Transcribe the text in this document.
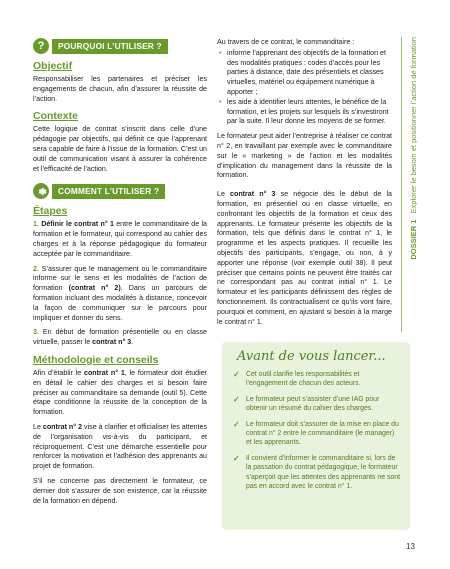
?	POURQUOI L’UTILISER ?
Objectif

Responsabiliser les partenaires et préciser les engagements de chacun, afin d’assurer la réussite de l’action.

Contexte

Cette logique de contrat s’inscrit dans celle d’une pédagogie par objectifs, qui définit ce que l’apprenant sera capable de faire à l’issue de la formation. C’est un outil de communication visant à assurer la cohérence et l’efficacité de l’action.

COMMENT L’UTILISER ?
Étapes

1. Définir le contrat n° 1 entre le commanditaire de la formation et le formateur, qui correspond au cahier des charges et à la réponse pédagogique du formateur acceptée par le commanditaire.

2. S’assurer que le management ou le commanditaire informe sur le sens et les modalités de l’action de formation (contrat n° 2). Dans un parcours de formation incluant des modalités à distance, concevoir la façon de communiquer sur le parcours pour impliquer et donner du sens.

3. En début de formation présentielle ou en classe virtuelle, passer le contrat n° 3.

Méthodologie et conseils

Afin d’établir le contrat n° 1, le formateur doit étudier en détail le cahier des charges et si besoin faire préciser au commanditaire sa demande (outil 5). Cette étape conditionne la réussite de la conception de la formation.

Le contrat n° 2 vise à clarifier et officialiser les attentes de l’organisation vis-à-vis du participant, et réciproquement. C’est une démarche essentielle pour renforcer la motivation et l’adhésion des apprenants au projet de formation.

S’il ne concerne pas directement le formateur, ce dernier doit s’assurer de son existence, car la réussite de la formation en dépend.

Au travers de ce contrat, le commanditaire :

• informe l’apprenant des objectifs de la formation et des modalités pratiques : codes d’accès pour les parties à distance, date des présentiels et classes virtuelles, matériel ou équipement numérique à apporter ;
• les aide à identifier leurs attentes, le bénéfice de la formation, et les projets sur lesquels ils s’investiront par la suite. Il leur donne les moyens de se former.

Le formateur peut aider l’entreprise à réaliser ce contrat n° 2, en travaillant par exemple avec le commanditaire sur le « marketing » de l’action et les modalités d’implication du management dans la réussite de la formation.

Le contrat n° 3 se négocie dès le début de la formation, en présentiel ou en classe virtuelle, en confrontant les objectifs de la formation et ceux des apprenants. Le formateur présente les objectifs de la formation, tels que définis dans le contrat n° 1, le programme et les aspects pratiques. Il recueille les objectifs des participants, s’engage, ou non, à y apporter une réponse (voir exemple outil 38). Il peut préciser que certains points ne peuvent être traités car ne correspondant pas au contrat initial n° 1. Le formateur et les participants définissent des règles de fonctionnement. Ils contractualisent ce qu’ils vont faire, pourquoi et comment, en ajustant si besoin à la marge le contrat n° 1.

DOSSIER 1   Explorer le besoin et positionner l’action de formation
Avant de vous lancer...
✓ Cet outil clarifie les responsabilités et l’engagement de chacun des acteurs.
✓ Le formateur peut s’assister d’une IAG pour obtenir un résumé du cahier des charges.
✓ Le formateur doit s’assurer de la mise en place du contrat n° 2 entre le commanditaire (le manager) et les apprenants.
✓ Il convient d’informer le commanditaire si, lors de la passation du contrat pédagogique, le formateur s’aperçoit que les attentes des apprenants ne sont pas en accord avec le contrat n° 1.
13
